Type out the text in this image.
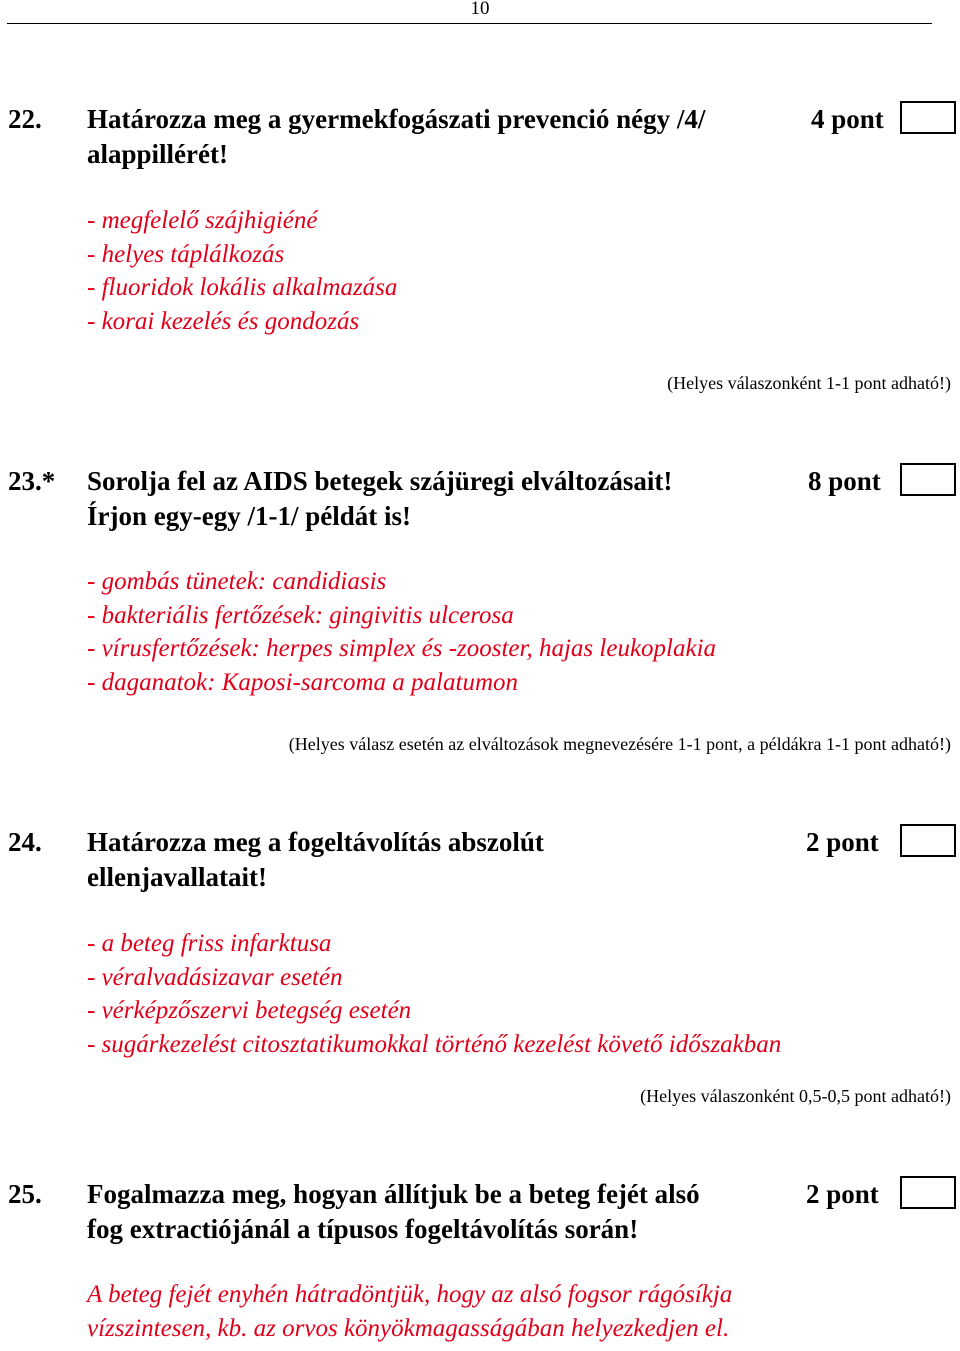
10
22. Határozza meg a gyermekfogászati prevenció négy /4/
alappillérét!
4 pont
- megfelelő szájhigiéné
- helyes táplálkozás
- fluoridok lokális alkalmazása
- korai kezelés és gondozás
(Helyes válaszonként 1-1 pont adható!)
23.* Sorolja fel az AIDS betegek szájüregi elváltozásait!
Írjon egy-egy /1-1/ példát is!
8 pont
- gombás tünetek: candidiasis
- bakteriális fertőzések: gingivitis ulcerosa
- vírusfertőzések: herpes simplex és -zooster, hajas leukoplakia
- daganatok: Kaposi-sarcoma a palatumon
(Helyes válasz esetén az elváltozások megnevezésére 1-1 pont, a példákra 1-1 pont adható!)
24. Határozza meg a fogeltávolítás abszolút
ellenjavallatait!
2 pont
- a beteg friss infarktusa
- véralvadásizavar esetén
- vérképzőszervi betegség esetén
- sugárkezelést citosztatikumokkal történő kezelést követő időszakban
(Helyes válaszonként 0,5-0,5 pont adható!)
25. Fogalmazza meg, hogyan állítjuk be a beteg fejét alsó
fog extractiójánál a típusos fogeltávolítás során!
2 pont
A beteg fejét enyhén hátradöntjük, hogy az alsó fogsor rágósíkja
vízszintesen, kb. az orvos könyökmagasságában helyezkedjen el.
